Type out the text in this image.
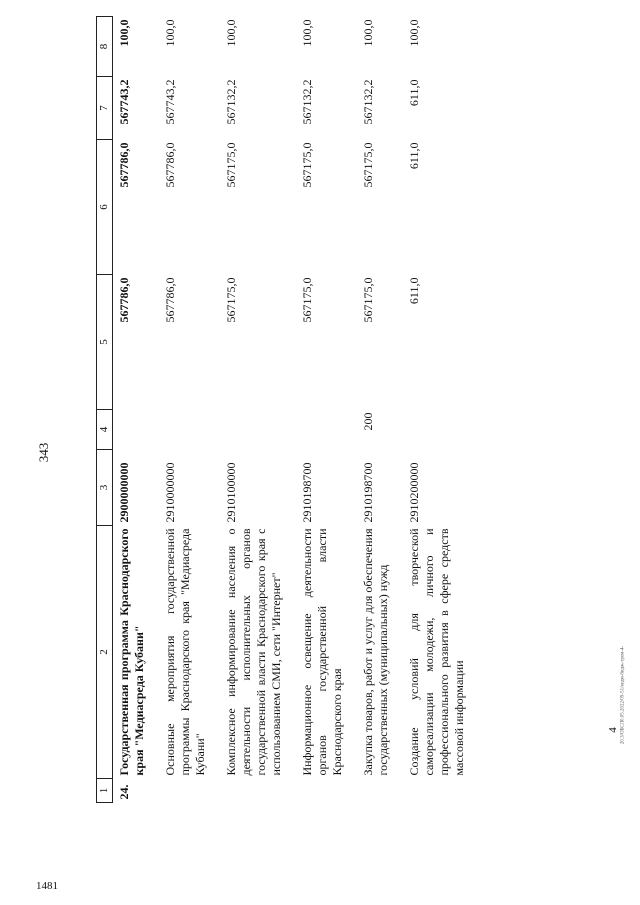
343
1	2	3	4	5	6	7	8
24.	Государственная программа Краснодарского края "Медиасреда Кубани"	2900000000		567786,0	567786,0	567743,2	100,0
	Основные мероприятия государственной программы Краснодарского края "Медиасреда Кубани"	2910000000		567786,0	567786,0	567743,2	100,0
	Комплексное информирование населения о деятельности исполнительных органов государственной власти Краснодарского края с использованием СМИ, сети "Интернет"	2910100000		567175,0	567175,0	567132,2	100,0
	Информационное освещение деятельности органов государственной власти Краснодарского края	2910198700		567175,0	567175,0	567132,2	100,0
	Закупка товаров, работ и услуг для обеспечения государственных (муниципальных) нужд	2910198700	200	567175,0	567175,0	567132,2	100,0
	Создание условий для творческой самореализации молодежи, личного и профессионального развития в сфере средств массовой информации	2910200000		611,0	611,0	611,0	100,0
4 20.3/ОБСЛ0.05.2022/09-51/ведм-бидж-трем-4-
1481
